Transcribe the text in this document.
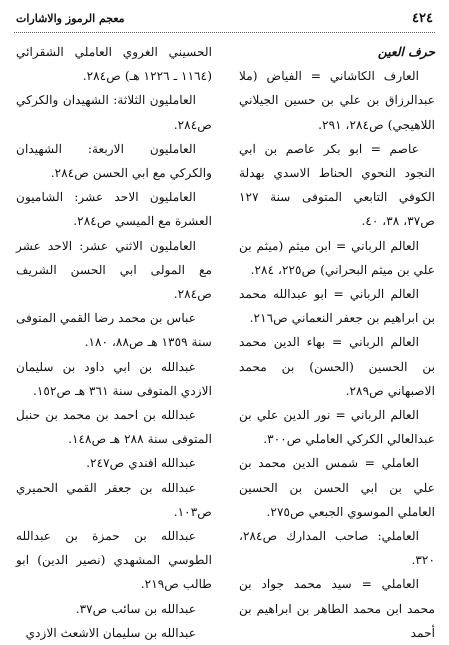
٤٢٤
معجم الرموز والاشارات

حرف العين

العارف الكاشاني = الفياض (ملا عبدالرزاق بن علي بن حسين الجيلاني اللاهيجي) ص٢٨٤، ٢٩١.

عاصم = ابو بكر عاصم بن ابي النجود النحوي الحناط الاسدي بهدلة الكوفي التابعي المتوفى سنة ١٢٧ ص٣٧، ٣٨، ٤٠.

العالم الرباني = ابن ميثم (ميثم بن علي بن ميثم البحراني) ص٢٢٥، ٢٨٤.

العالم الرباني = ابو عبدالله محمد بن ابراهيم بن جعفر النعماني ص٢١٦.

العالم الرباني = بهاء الدين محمد بن الحسين (الحسن) بن محمد الاصبهاني ص٢٨٩.

العالم الرباني = نور الدين علي بن عبدالعالي الكركي العاملي ص٣٠٠.

العاملي = شمس الدين محمد بن علي بن ابي الحسن بن الحسين العاملي الموسوي الجبعي ص٢٧٥.

العاملي: صاحب المدارك ص٢٨٤، ٣٢٠.

العاملي = سيد محمد جواد بن محمد ابن محمد الطاهر بن ابراهيم بن أحمد

الحسيني الغروي العاملي الشقرائي (١١٦٤ ـ ١٢٢٦ هـ) ص٢٨٤.

العامليون الثلاثة: الشهيدان والكركي ص٢٨٤.

العامليون الاربعة: الشهيدان والكركي مع ابي الحسن ص٢٨٤.

العامليون الاحد عشر: الشاميون العشرة مع الميسي ص٢٨٤.

العامليون الاثني عشر: الاحد عشر مع المولى ابي الحسن الشريف ص٢٨٤.

عباس بن محمد رضا القمي المتوفى سنة ١٣٥٩ هـ ص٨٨، ١٨٠.

عبدالله بن ابي داود بن سليمان الازدي المتوفى سنة ٣٦١ هـ ص١٥٢.

عبدالله بن احمد بن محمد بن حنبل المتوفى سنة ٢٨٨ هـ ص١٤٨.

عبدالله افندي ص٢٤٧.

عبدالله بن جعفر القمي الحميري ص١٠٣.

عبدالله بن حمزة بن عبدالله الطوسي المشهدي (نصير الدين) ابو طالب ص٢١٩.

عبدالله بن سائب ص٣٧.

عبدالله بن سليمان الاشعث الازدي
